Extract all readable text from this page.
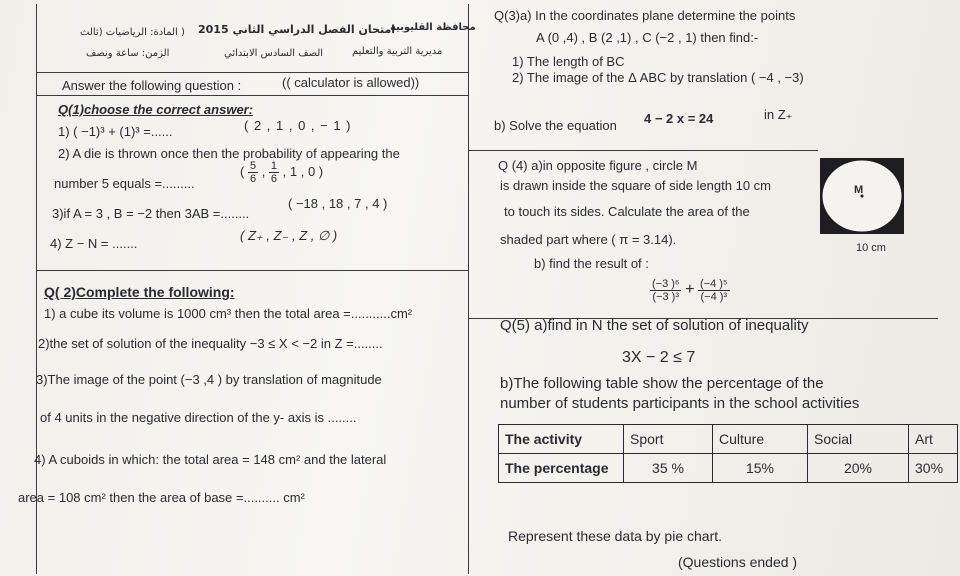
( المادة: الرياضيات (ثالث امتحان الفصل الدراسي الثاني 2015
محافظة القليوبية
الزمن: ساعة ونصف	الصف السادس الابتدائي	مديرية التربية والتعليم
Answer the following question :	(( calculator is allowed))
Q(1)choose the correct answer:
1) ( −1)³ + (1)³ =......	( 2 , 1 , 0 , − 1 )
2) A die is thrown once then the probability of appearing the
number 5 equals =.........
( $\frac{5}{6}$ , $\frac{1}{6}$ , 1 , 0 )
3)if A = 3 , B = −2 then 3AB =........
( −18 , 18 , 7 , 4 )
4) Z − N = .......
( Z₊ , Z₋ , Z , ∅ )
Q( 2)Complete the following:
1) a cube its volume is 1000 cm³ then the total area =...........cm²
2)the set of solution of the inequality −3 ≤ X < −2 in Z =........
3)The image of the point (−3 ,4 ) by translation of magnitude
of 4 units in the negative direction of the y- axis is ........
4) A cuboids in which: the total area = 148 cm² and the lateral
area = 108 cm² then the area of base =.......... cm²
Q(3)a) In the coordinates plane determine the points
A (0 ,4) , B (2 ,1) , C (−2 , 1) then find:-
1) The length of BC
2) The image of the Δ ABC by translation ( −4 , −3)
b) Solve the equation 4 − 2 x = 24	in Z₊
Q (4) a)in opposite figure , circle M
is drawn inside the square of side length 10 cm
to touch its sides. Calculate the area of the
shaded part where ( π = 3.14).
M
10 cm
b) find the result of :
$\frac{\text{(−3 )⁶}}{\text{(−3 )³}} + \frac{\text{(−4 )⁵}}{\text{(−4 )³}}$
Q(5) a)find in N the set of solution of inequality
3X − 2 ≤ 7
b)The following table show the percentage of the
number of students participants in the school activities
The activity	Sport	Culture	Social	Art
The percentage	35 %	15%	20%	30%
Represent these data by pie chart.
(Questions ended )
